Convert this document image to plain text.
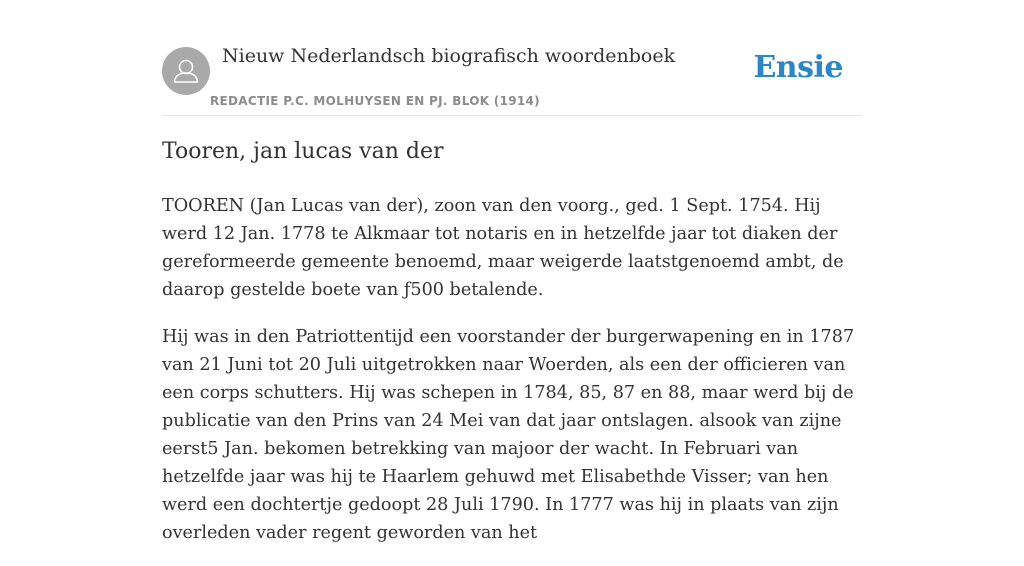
Nieuw Nederlandsch biografisch woordenboek
REDACTIE P.C. MOLHUYSEN EN PJ. BLOK (1914)
Ensie
Tooren, jan lucas van der

TOOREN (Jan Lucas van der), zoon van den voorg., ged. 1 Sept. 1754. Hij werd 12 Jan. 1778 te Alkmaar tot notaris en in hetzelfde jaar tot diaken der gereformeerde gemeente benoemd, maar weigerde laatstgenoemd ambt, de daarop gestelde boete van ƒ500 betalende.

Hij was in den Patriottentijd een voorstander der burgerwapening en in 1787 van 21 Juni tot 20 Juli uitgetrokken naar Woerden, als een der officieren van een corps schutters. Hij was schepen in 1784, 85, 87 en 88, maar werd bij de publicatie van den Prins van 24 Mei van dat jaar ontslagen. alsook van zijne eerst5 Jan. bekomen betrekking van majoor der wacht. In Februari van hetzelfde jaar was hij te Haarlem gehuwd met Elisabethde Visser; van hen werd een dochtertje gedoopt 28 Juli 1790. In 1777 was hij in plaats van zijn overleden vader regent geworden van het
